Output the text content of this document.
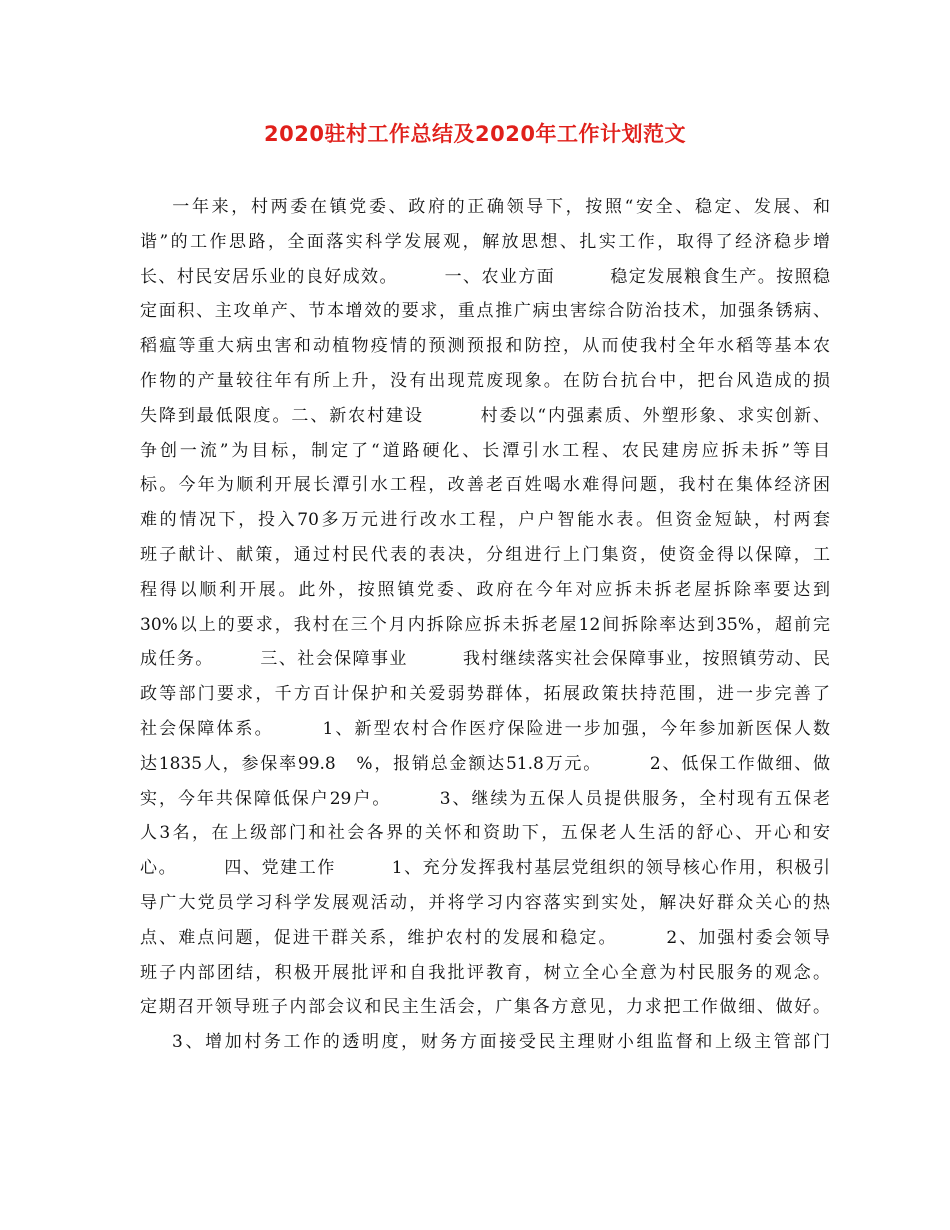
2020驻村工作总结及2020年工作计划范文
一年来，村两委在镇党委、政府的正确领导下，按照“安全、稳定、发展、和
谐”的工作思路，全面落实科学发展观，解放思想、扎实工作，取得了经济稳步增
长、村民安居乐业的良好成效。　　　一、农业方面　　　稳定发展粮食生产。按照稳
定面积、主攻单产、节本增效的要求，重点推广病虫害综合防治技术，加强条锈病、
稻瘟等重大病虫害和动植物疫情的预测预报和防控，从而使我村全年水稻等基本农
作物的产量较往年有所上升，没有出现荒废现象。在防台抗台中，把台风造成的损
失降到最低限度。二、新农村建设　　　村委以“内强素质、外塑形象、求实创新、
争创一流”为目标，制定了“道路硬化、长潭引水工程、农民建房应拆未拆”等目
标。今年为顺利开展长潭引水工程，改善老百姓喝水难得问题，我村在集体经济困
难的情况下，投入70多万元进行改水工程，户户智能水表。但资金短缺，村两套
班子献计、献策，通过村民代表的表决，分组进行上门集资，使资金得以保障，工
程得以顺利开展。此外，按照镇党委、政府在今年对应拆未拆老屋拆除率要达到
30%以上的要求，我村在三个月内拆除应拆未拆老屋12间拆除率达到35%，超前完
成任务。　　　三、社会保障事业　　　我村继续落实社会保障事业，按照镇劳动、民
政等部门要求，千方百计保护和关爱弱势群体，拓展政策扶持范围，进一步完善了
社会保障体系。　　　1、新型农村合作医疗保险进一步加强，今年参加新医保人数
达1835人，参保率99.8　%，报销总金额达51.8万元。　　　2、低保工作做细、做
实，今年共保障低保户29户。　　　3、继续为五保人员提供服务，全村现有五保老
人3名，在上级部门和社会各界的关怀和资助下，五保老人生活的舒心、开心和安
心。　　　四、党建工作　　　1、充分发挥我村基层党组织的领导核心作用，积极引
导广大党员学习科学发展观活动，并将学习内容落实到实处，解决好群众关心的热
点、难点问题，促进干群关系，维护农村的发展和稳定。　　　2、加强村委会领导
班子内部团结，积极开展批评和自我批评教育，树立全心全意为村民服务的观念。
定期召开领导班子内部会议和民主生活会，广集各方意见，力求把工作做细、做好。
3、增加村务工作的透明度，财务方面接受民主理财小组监督和上级主管部门
